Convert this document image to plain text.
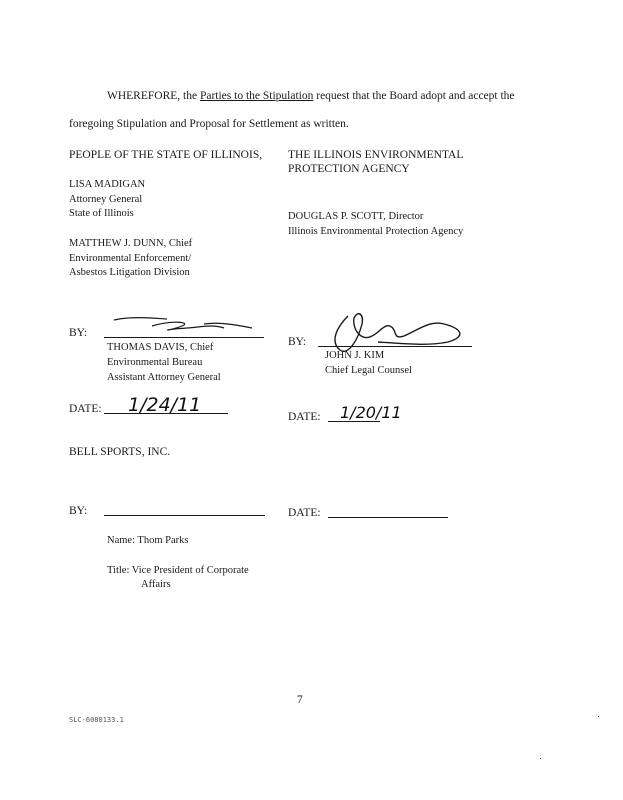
WHEREFORE, the Parties to the Stipulation request that the Board adopt and accept the
foregoing Stipulation and Proposal for Settlement as written.
PEOPLE OF THE STATE OF ILLINOIS,
LISA MADIGAN
Attorney General
State of Illinois
MATTHEW J. DUNN, Chief
Environmental Enforcement/
Asbestos Litigation Division
THE ILLINOIS ENVIRONMENTAL
PROTECTION AGENCY
DOUGLAS P. SCOTT, Director
Illinois Environmental Protection Agency
BY:
THOMAS DAVIS, Chief
Environmental Bureau
Assistant Attorney General
DATE: 1/24/11
BY:
JOHN J. KIM
Chief Legal Counsel
DATE: 1/20/11
BELL SPORTS, INC.
BY:	DATE:
Name: Thom Parks
Title: Vice President of Corporate
Affairs
7
SLC-6080133.1
